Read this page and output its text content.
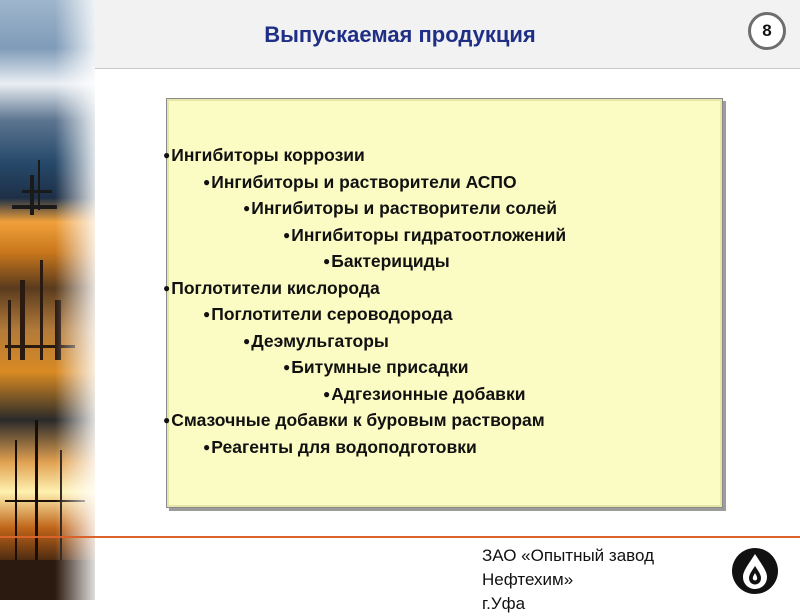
Выпускаемая продукция	8
●Ингибиторы коррозии
●Ингибиторы и растворители АСПО
●Ингибиторы и растворители солей
●Ингибиторы гидратоотложений
●Бактерициды
●Поглотители кислорода
●Поглотители сероводорода
●Деэмульгаторы
●Битумные присадки
●Адгезионные добавки
●Смазочные добавки к буровым растворам
●Реагенты для водоподготовки

ЗАО «Опытный завод
Нефтехим»
г.Уфа
